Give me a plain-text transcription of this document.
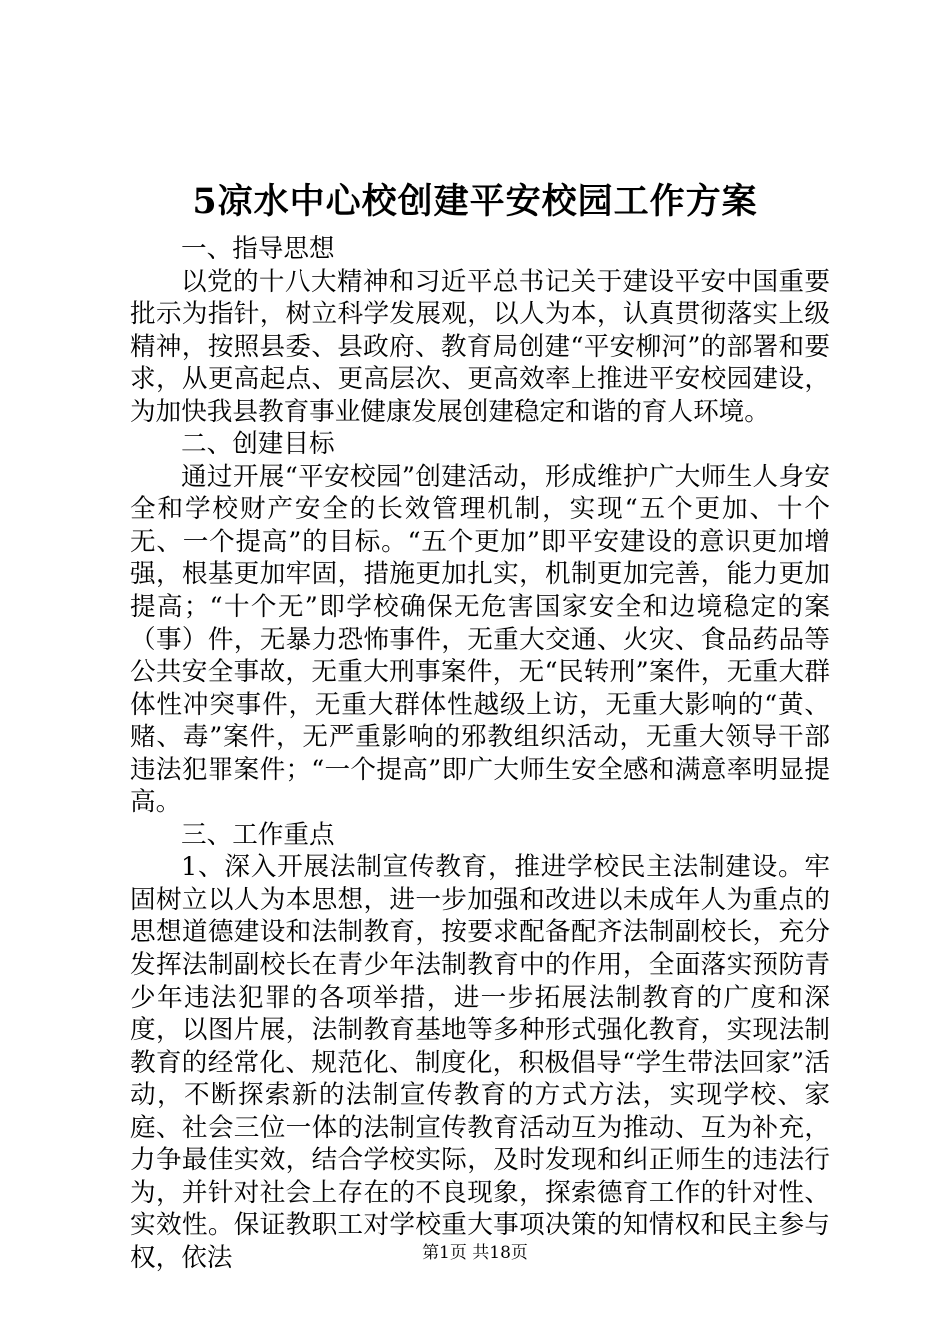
5凉水中心校创建平安校园工作方案

一、指导思想

以党的十八大精神和习近平总书记关于建设平安中国重要批示为指针，树立科学发展观，以人为本，认真贯彻落实上级精神，按照县委、县政府、教育局创建“平安柳河”的部署和要求，从更高起点、更高层次、更高效率上推进平安校园建设，为加快我县教育事业健康发展创建稳定和谐的育人环境。

二、创建目标

通过开展“平安校园”创建活动，形成维护广大师生人身安全和学校财产安全的长效管理机制，实现“五个更加、十个无、一个提高”的目标。“五个更加”即平安建设的意识更加增强，根基更加牢固，措施更加扎实，机制更加完善，能力更加提高；“十个无”即学校确保无危害国家安全和边境稳定的案（事）件，无暴力恐怖事件，无重大交通、火灾、食品药品等公共安全事故，无重大刑事案件，无“民转刑”案件，无重大群体性冲突事件，无重大群体性越级上访，无重大影响的“黄、赌、毒”案件，无严重影响的邪教组织活动，无重大领导干部违法犯罪案件；“一个提高”即广大师生安全感和满意率明显提高。

三、工作重点

1、深入开展法制宣传教育，推进学校民主法制建设。牢固树立以人为本思想，进一步加强和改进以未成年人为重点的思想道德建设和法制教育，按要求配备配齐法制副校长，充分发挥法制副校长在青少年法制教育中的作用，全面落实预防青少年违法犯罪的各项举措，进一步拓展法制教育的广度和深度，以图片展，法制教育基地等多种形式强化教育，实现法制教育的经常化、规范化、制度化，积极倡导“学生带法回家”活动，不断探索新的法制宣传教育的方式方法，实现学校、家庭、社会三位一体的法制宣传教育活动互为推动、互为补充，力争最佳实效，结合学校实际，及时发现和纠正师生的违法行为，并针对社会上存在的不良现象，探索德育工作的针对性、实效性。保证教职工对学校重大事项决策的知情权和民主参与权，依法	第1页 共18页
